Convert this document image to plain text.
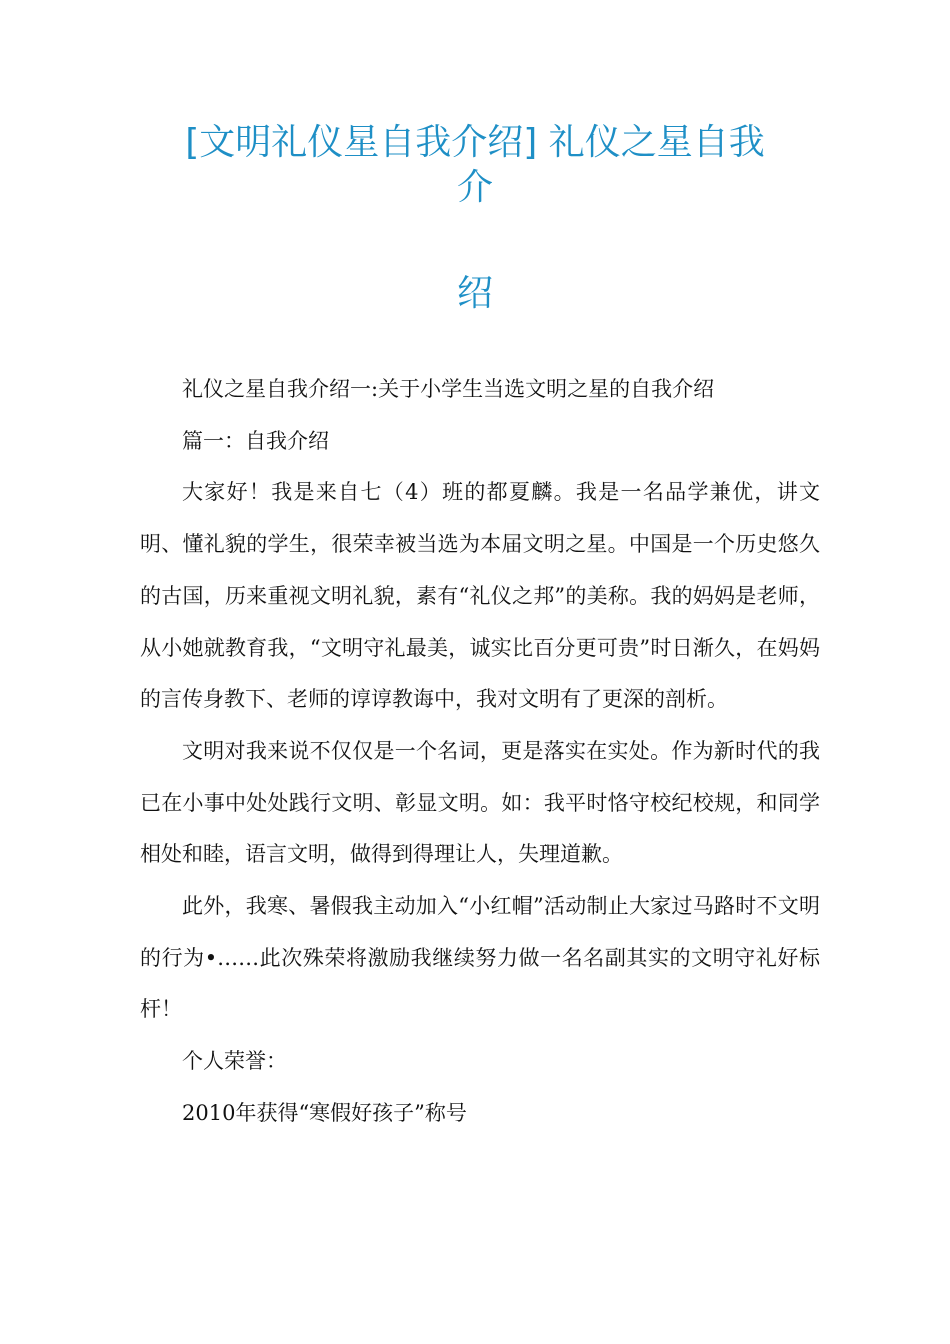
[文明礼仪星自我介绍] 礼仪之星自我
介
绍

礼仪之星自我介绍一:关于小学生当选文明之星的自我介绍

篇一：自我介绍

大家好！我是来自七（4）班的都夏麟。我是一名品学兼优，讲文明、懂礼貌的学生，很荣幸被当选为本届文明之星。中国是一个历史悠久的古国，历来重视文明礼貌，素有“礼仪之邦”的美称。我的妈妈是老师，从小她就教育我，“文明守礼最美，诚实比百分更可贵”时日渐久，在妈妈的言传身教下、老师的谆谆教诲中，我对文明有了更深的剖析。

文明对我来说不仅仅是一个名词，更是落实在实处。作为新时代的我已在小事中处处践行文明、彰显文明。如：我平时恪守校纪校规，和同学相处和睦，语言文明，做得到得理让人，失理道歉。

此外，我寒、暑假我主动加入“小红帽”活动制止大家过马路时不文明的行为•……此次殊荣将激励我继续努力做一名名副其实的文明守礼好标杆！

个人荣誉：

2010年获得“寒假好孩子”称号
